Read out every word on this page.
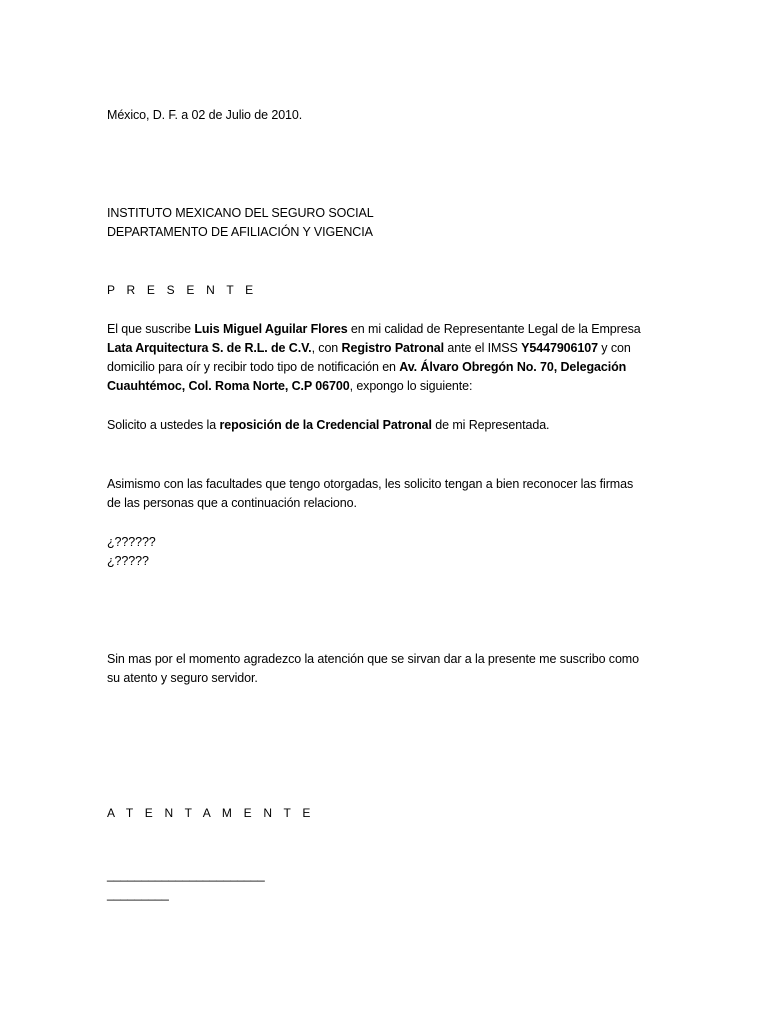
México, D. F. a 02 de Julio de 2010.
INSTITUTO MEXICANO DEL SEGURO SOCIAL
DEPARTAMENTO DE AFILIACIÓN Y VIGENCIA
P R E S E N T E
El que suscribe Luis Miguel Aguilar Flores en mi calidad de Representante Legal de la Empresa
Lata Arquitectura S. de R.L. de C.V., con Registro Patronal ante el IMSS Y5447906107 y con
domicilio para oír y recibir todo tipo de notificación en Av. Álvaro Obregón No. 70, Delegación
Cuauhtémoc, Col. Roma Norte, C.P 06700, expongo lo siguiente:
Solicito a ustedes la reposición de la Credencial Patronal de mi Representada.
Asimismo con las facultades que tengo otorgadas, les solicito tengan a bien reconocer las firmas
de las personas que a continuación relaciono.
¿??????
¿?????
Sin mas por el momento agradezco la atención que se sirvan dar a la presente me suscribo como
su atento y seguro servidor.
A T E N T A M E N T E
_______________________
_________
